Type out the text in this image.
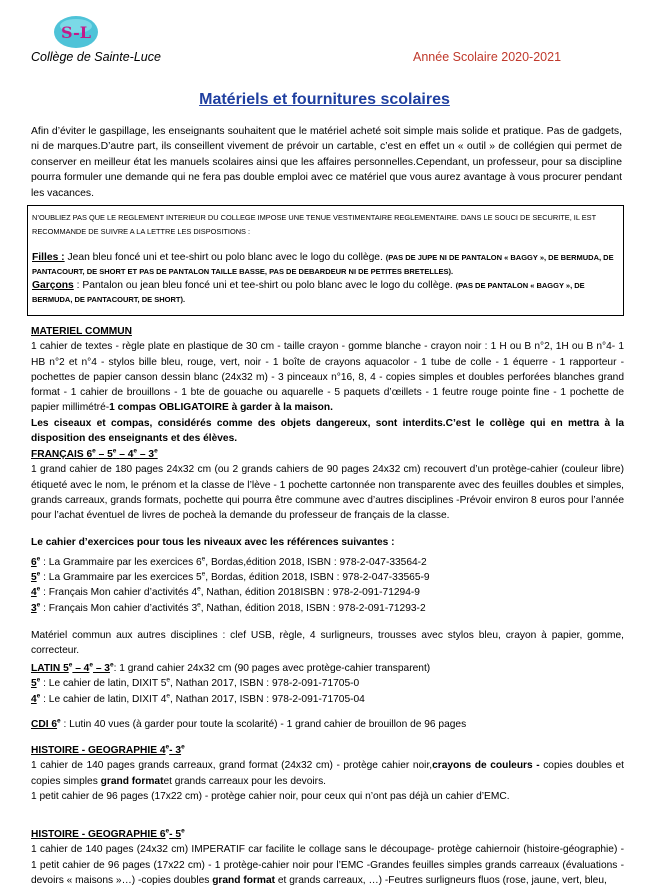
S-L
Collège de Sainte-Luce	Année Scolaire 2020-2021
Matériels et fournitures scolaires
Afin d’éviter le gaspillage, les enseignants souhaitent que le matériel acheté soit simple mais solide et pratique. Pas de gadgets, ni de marques.D’autre part, ils conseillent vivement de prévoir un cartable, c’est en effet un « outil » de collégien qui permet de conserver en meilleur état les manuels scolaires ainsi que les affaires personnelles.Cependant, un professeur, pour sa discipline pourra formuler une demande qui ne fera pas double emploi avec ce matériel que vous aurez avantage à vous procurer pendant les vacances.

N’OUBLIEZ PAS QUE LE REGLEMENT INTERIEUR DU COLLEGE IMPOSE UNE TENUE VESTIMENTAIRE REGLEMENTAIRE. DANS LE SOUCI DE SECURITE, IL EST RECOMMANDE DE SUIVRE A LA LETTRE LES DISPOSITIONS :

Filles : Jean bleu foncé uni et tee-shirt ou polo blanc avec le logo du collège. (PAS DE JUPE NI DE PANTALON « BAGGY », DE BERMUDA, DE PANTACOURT, DE SHORT ET PAS DE PANTALON TAILLE BASSE, PAS DE DEBARDEUR NI DE PETITES BRETELLES).

Garçons : Pantalon ou jean bleu foncé uni et tee-shirt ou polo blanc avec le logo du collège. (PAS DE PANTALON « BAGGY », DE BERMUDA, DE PANTACOURT, DE SHORT).

MATERIEL COMMUN

1 cahier de textes - règle plate en plastique de 30 cm - taille crayon - gomme blanche - crayon noir : 1 H ou B n°2, 1H ou B n°4- 1 HB n°2 et n°4 - stylos bille bleu, rouge, vert, noir - 1 boîte de crayons aquacolor - 1 tube de colle - 1 équerre - 1 rapporteur - pochettes de papier canson dessin blanc (24x32 m) - 3 pinceaux n°16, 8, 4 - copies simples et doubles perforées blanches grand format - 1 cahier de brouillons - 1 bte de gouache ou aquarelle - 5 paquets d’œillets - 1 feutre rouge pointe fine - 1 pochette de papier millimétré-1 compas OBLIGATOIRE à garder à la maison.

Les ciseaux et compas, considérés comme des objets dangereux, sont interdits.C’est le collège qui en mettra à la disposition des enseignants et des élèves.

FRANÇAIS 6e – 5e – 4e – 3e

1 grand cahier de 180 pages 24x32 cm (ou 2 grands cahiers de 90 pages 24x32 cm) recouvert d’un protège-cahier (couleur libre) étiqueté avec le nom, le prénom et la classe de l’lève - 1 pochette cartonnée non transparente avec des feuilles doubles et simples, grands carreaux, grands formats, pochette qui pourra être commune avec d’autres disciplines -Prévoir environ 8 euros pour l’année pour l’achat éventuel de livres de pocheà la demande du professeur de français de la classe.

Le cahier d’exercices pour tous les niveaux avec les références suivantes :

6e : La Grammaire par les exercices 6e, Bordas,édition 2018, ISBN : 978-2-047-33564-2

5e : La Grammaire par les exercices 5e, Bordas, édition 2018, ISBN : 978-2-047-33565-9

4e : Français Mon cahier d’activités 4e, Nathan, édition 2018ISBN : 978-2-091-71294-9

3e : Français Mon cahier d’activités 3e, Nathan, édition 2018, ISBN : 978-2-091-71293-2

Matériel commun aux autres disciplines : clef USB, règle, 4 surligneurs, trousses avec stylos bleu, crayon à papier, gomme, correcteur.

LATIN 5e – 4e – 3e: 1 grand cahier 24x32 cm (90 pages avec protège-cahier transparent)

5e : Le cahier de latin, DIXIT 5e, Nathan 2017, ISBN : 978-2-091-71705-0

4e : Le cahier de latin, DIXIT 4e, Nathan 2017, ISBN : 978-2-091-71705-04

CDI 6e : Lutin 40 vues (à garder pour toute la scolarité) - 1 grand cahier de brouillon de 96 pages

HISTOIRE - GEOGRAPHIE 4e- 3e

1 cahier de 140 pages grands carreaux, grand format (24x32 cm) - protège cahier noir,crayons de couleurs - copies doubles et copies simples grand formatet grands carreaux pour les devoirs.

1 petit cahier de 96 pages (17x22 cm) - protège cahier noir, pour ceux qui n’ont pas déjà un cahier d’EMC.

HISTOIRE - GEOGRAPHIE 6e- 5e

1 cahier de 140 pages (24x32 cm) IMPERATIF car facilite le collage sans le découpage- protège cahiernoir (histoire-géographie) - 1 petit cahier de 96 pages (17x22 cm) - 1 protège-cahier noir pour l’EMC -Grandes feuilles simples grands carreaux (évaluations - devoirs « maisons »…) -copies doubles grand format et grands carreaux, …) -Feutres surligneurs fluos (rose, jaune, vert, bleu,
